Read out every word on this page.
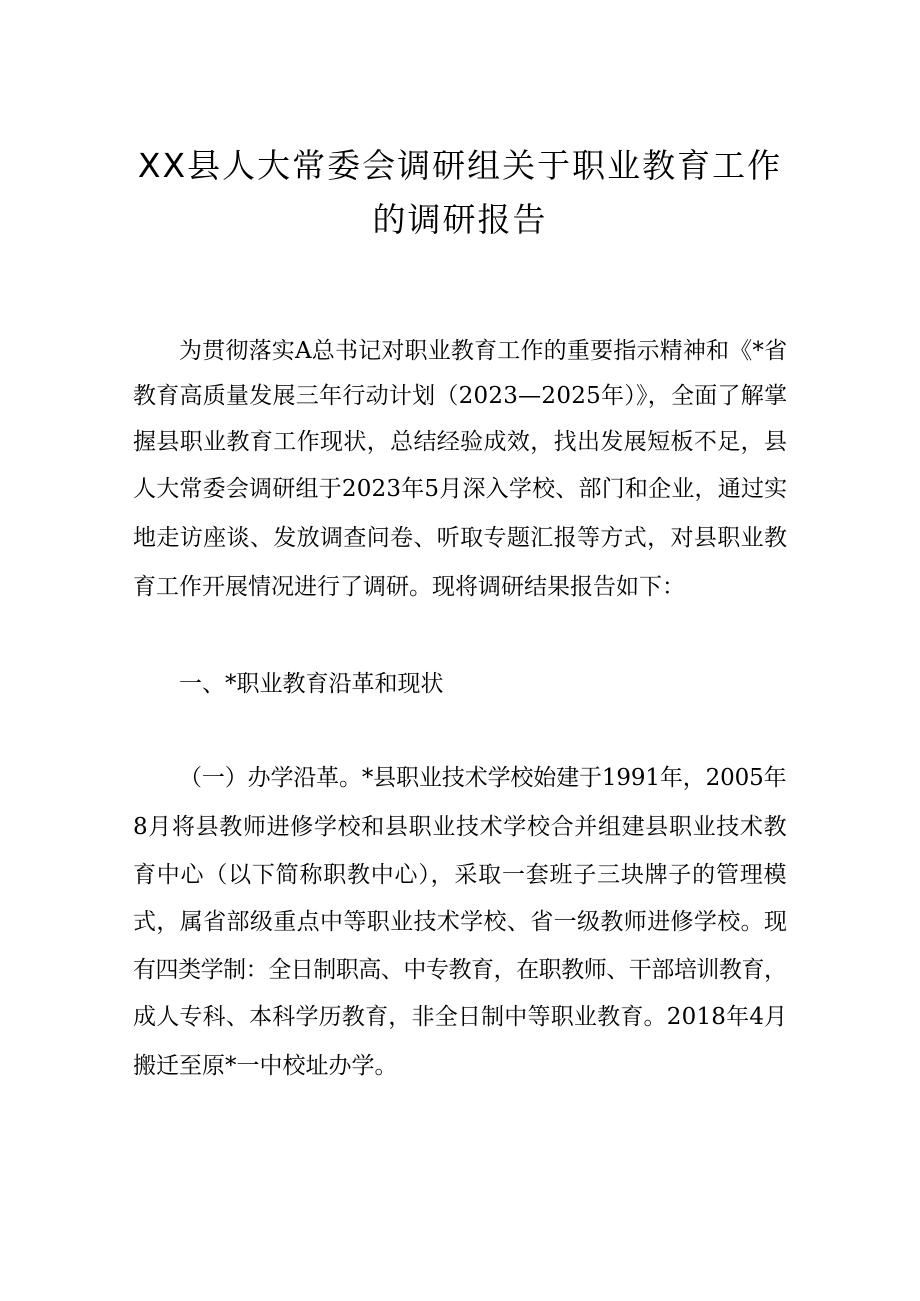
XX县人大常委会调研组关于职业教育工作
的调研报告
为贯彻落实A总书记对职业教育工作的重要指示精神和《*省
教育高质量发展三年行动计划（2023—2025年）》，全面了解掌
握县职业教育工作现状，总结经验成效，找出发展短板不足，县
人大常委会调研组于2023年5月深入学校、部门和企业，通过实
地走访座谈、发放调查问卷、听取专题汇报等方式，对县职业教
育工作开展情况进行了调研。现将调研结果报告如下：
一、*职业教育沿革和现状
（一）办学沿革。*县职业技术学校始建于1991年，2005年
8月将县教师进修学校和县职业技术学校合并组建县职业技术教
育中心（以下简称职教中心），采取一套班子三块牌子的管理模
式，属省部级重点中等职业技术学校、省一级教师进修学校。现
有四类学制：全日制职高、中专教育，在职教师、干部培训教育，
成人专科、本科学历教育，非全日制中等职业教育。2018年4月
搬迁至原*一中校址办学。
